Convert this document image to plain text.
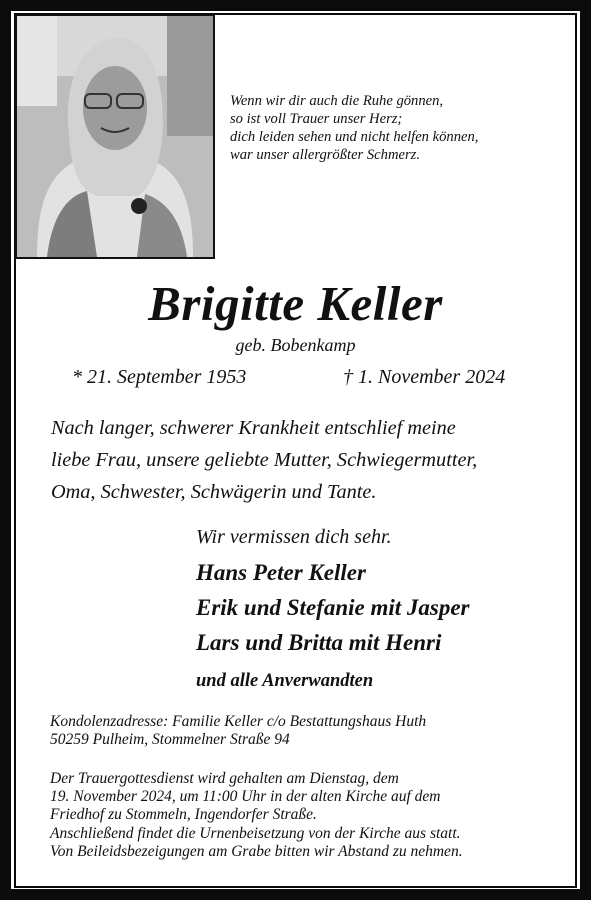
Wenn wir dir auch die Ruhe gönnen,
so ist voll Trauer unser Herz;
dich leiden sehen und nicht helfen können,
war unser allergrößter Schmerz.
Brigitte Keller
geb. Bobenkamp
* 21. September 1953	† 1. November 2024
Nach langer, schwerer Krankheit entschlief meine
liebe Frau, unsere geliebte Mutter, Schwiegermutter,
Oma, Schwester, Schwägerin und Tante.
Wir vermissen dich sehr.
Hans Peter Keller
Erik und Stefanie mit Jasper
Lars und Britta mit Henri
und alle Anverwandten
Kondolenzadresse: Familie Keller c/o Bestattungshaus Huth
50259 Pulheim, Stommelner Straße 94
Der Trauergottesdienst wird gehalten am Dienstag, dem
19. November 2024, um 11:00 Uhr in der alten Kirche auf dem
Friedhof zu Stommeln, Ingendorfer Straße.
Anschließend findet die Urnenbeisetzung von der Kirche aus statt.
Von Beileidsbezeigungen am Grabe bitten wir Abstand zu nehmen.
